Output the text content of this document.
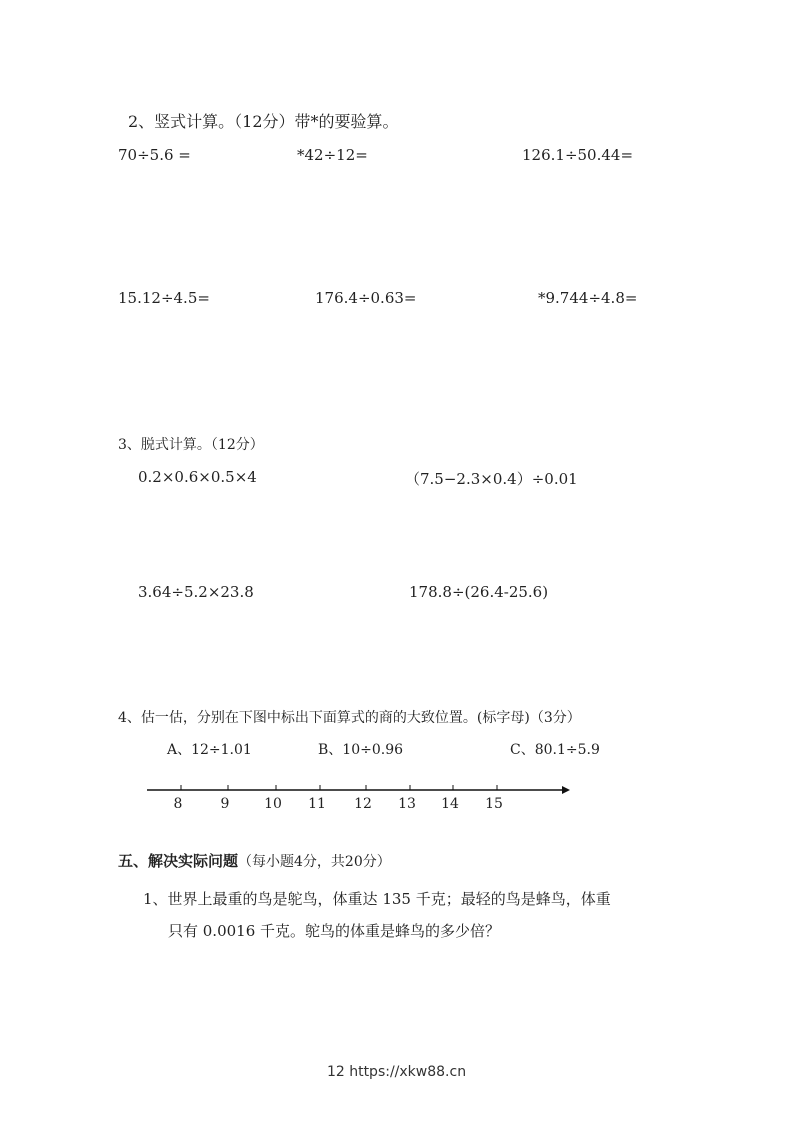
2、竖式计算。（12分）带*的要验算。
70÷5.6 =	*42÷12=	126.1÷50.44=
15.12÷4.5=	176.4÷0.63=	*9.744÷4.8=
3、脱式计算。（12分）
0.2×0.6×0.5×4	（7.5−2.3×0.4）÷0.01
3.64÷5.2×23.8	178.8÷(26.4-25.6)
4、估一估，分别在下图中标出下面算式的商的大致位置。(标字母)（3分）
A、12÷1.01	B、10÷0.96	C、80.1÷5.9
8	9 10 11 12 13 14 15
五、解决实际问题（每小题4分，共20分）
1、世界上最重的鸟是鸵鸟，体重达 135 千克；最轻的鸟是蜂鸟，体重
只有 0.0016 千克。鸵鸟的体重是蜂鸟的多少倍？
12 https://xkw88.cn
